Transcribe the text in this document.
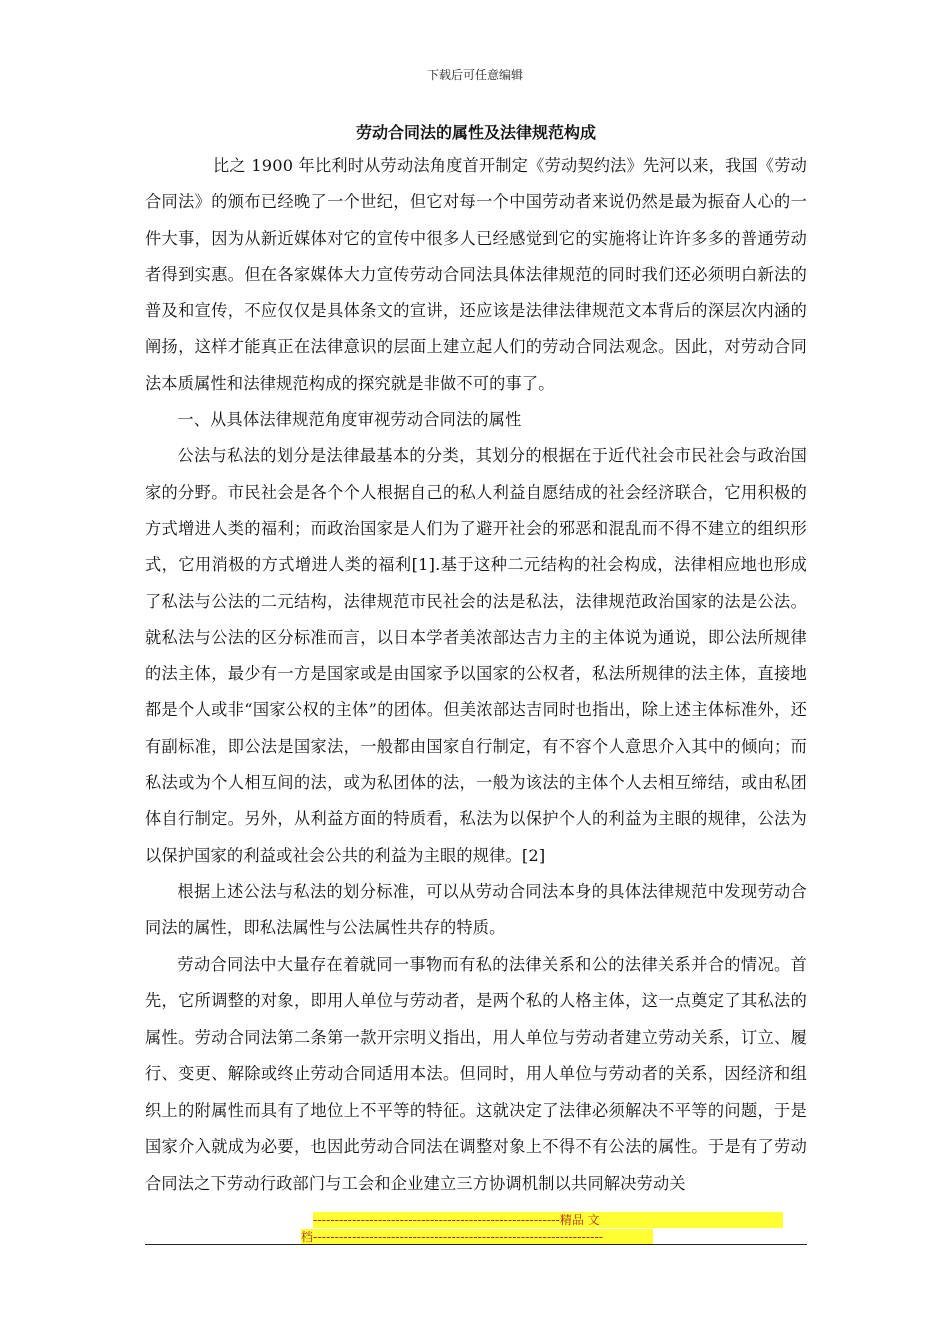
下载后可任意编辑
劳动合同法的属性及法律规范构成

比之 1900 年比利时从劳动法角度首开制定《劳动契约法》先河以来，我国《劳动合同法》的颁布已经晚了一个世纪，但它对每一个中国劳动者来说仍然是最为振奋人心的一件大事，因为从新近媒体对它的宣传中很多人已经感觉到它的实施将让许许多多的普通劳动者得到实惠。但在各家媒体大力宣传劳动合同法具体法律规范的同时我们还必须明白新法的普及和宣传，不应仅仅是具体条文的宣讲，还应该是法律法律规范文本背后的深层次内涵的阐扬，这样才能真正在法律意识的层面上建立起人们的劳动合同法观念。因此，对劳动合同法本质属性和法律规范构成的探究就是非做不可的事了。

一、从具体法律规范角度审视劳动合同法的属性

公法与私法的划分是法律最基本的分类，其划分的根据在于近代社会市民社会与政治国家的分野。市民社会是各个个人根据自己的私人利益自愿结成的社会经济联合，它用积极的方式增进人类的福利；而政治国家是人们为了避开社会的邪恶和混乱而不得不建立的组织形式，它用消极的方式增进人类的福利[1].基于这种二元结构的社会构成，法律相应地也形成了私法与公法的二元结构，法律规范市民社会的法是私法，法律规范政治国家的法是公法。就私法与公法的区分标准而言，以日本学者美浓部达吉力主的主体说为通说，即公法所规律的法主体，最少有一方是国家或是由国家予以国家的公权者，私法所规律的法主体，直接地都是个人或非“国家公权的主体”的团体。但美浓部达吉同时也指出，除上述主体标准外，还有副标准，即公法是国家法，一般都由国家自行制定，有不容个人意思介入其中的倾向；而私法或为个人相互间的法，或为私团体的法，一般为该法的主体个人去相互缔结，或由私团体自行制定。另外，从利益方面的特质看，私法为以保护个人的利益为主眼的规律，公法为以保护国家的利益或社会公共的利益为主眼的规律。[2]

根据上述公法与私法的划分标准，可以从劳动合同法本身的具体法律规范中发现劳动合同法的属性，即私法属性与公法属性共存的特质。

劳动合同法中大量存在着就同一事物而有私的法律关系和公的法律关系并合的情况。首先，它所调整的对象，即用人单位与劳动者，是两个私的人格主体，这一点奠定了其私法的属性。劳动合同法第二条第一款开宗明义指出，用人单位与劳动者建立劳动关系，订立、履行、变更、解除或终止劳动合同适用本法。但同时，用人单位与劳动者的关系，因经济和组织上的附属性而具有了地位上不平等的特征。这就决定了法律必须解决不平等的问题，于是国家介入就成为必要，也因此劳动合同法在调整对象上不得不有公法的属性。于是有了劳动合同法之下劳动行政部门与工会和企业建立三方协调机制以共同解决劳动关

---------------------------------------------------------精品 文
档-------------------------------------------------------------------
